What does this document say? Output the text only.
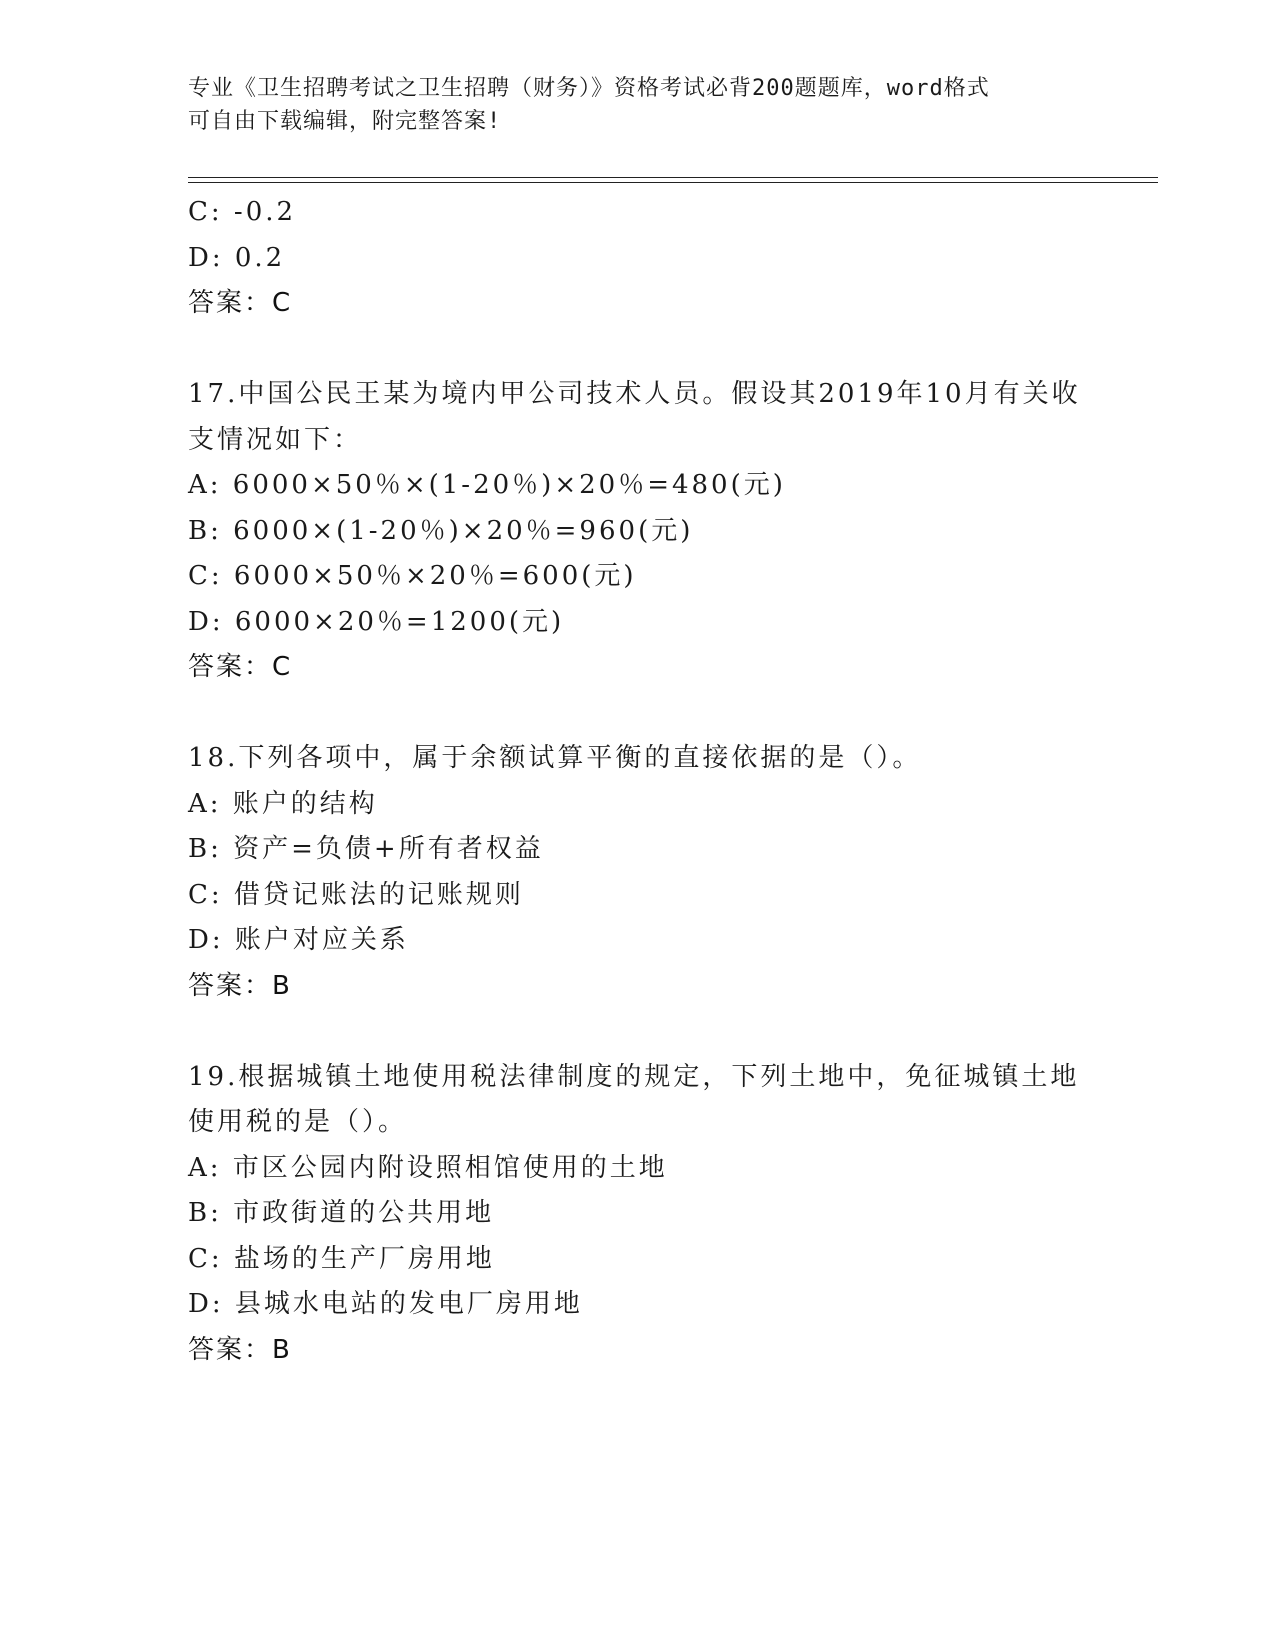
专业《卫生招聘考试之卫生招聘（财务）》资格考试必背200题题库，word格式
可自由下载编辑，附完整答案!
C: -0.2
D: 0.2
答案：C
17.中国公民王某为境内甲公司技术人员。假设其2019年10月有关收
支情况如下：
A: 6000×50％×(1-20％)×20％=480(元)
B: 6000×(1-20％)×20％=960(元)
C: 6000×50％×20％=600(元)
D: 6000×20％=1200(元)
答案：C
18.下列各项中，属于余额试算平衡的直接依据的是（）。
A: 账户的结构
B: 资产=负债+所有者权益
C: 借贷记账法的记账规则
D: 账户对应关系
答案：B
19.根据城镇土地使用税法律制度的规定，下列土地中，免征城镇土地
使用税的是（）。
A: 市区公园内附设照相馆使用的土地
B: 市政街道的公共用地
C: 盐场的生产厂房用地
D: 县城水电站的发电厂房用地
答案：B
